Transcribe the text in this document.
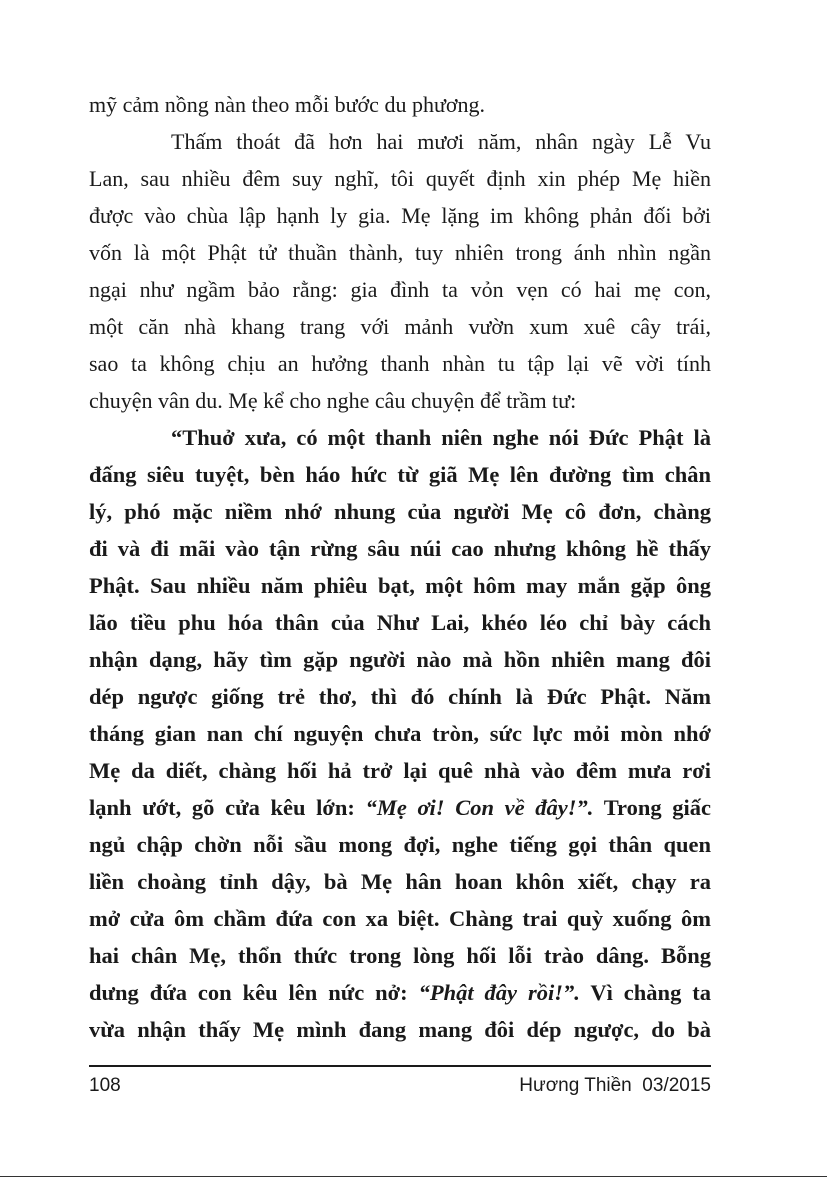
mỹ cảm nồng nàn theo mỗi bước du phương.
Thấm thoát đã hơn hai mươi năm, nhân ngày Lễ Vu
Lan, sau nhiều đêm suy nghĩ, tôi quyết định xin phép Mẹ hiền
được vào chùa lập hạnh ly gia. Mẹ lặng im không phản đối bởi
vốn là một Phật tử thuần thành, tuy nhiên trong ánh nhìn ngần
ngại như ngầm bảo rằng: gia đình ta vỏn vẹn có hai mẹ con,
một căn nhà khang trang với mảnh vườn xum xuê cây trái,
sao ta không chịu an hưởng thanh nhàn tu tập lại vẽ vời tính
chuyện vân du. Mẹ kể cho nghe câu chuyện để trầm tư:
“Thuở xưa, có một thanh niên nghe nói Đức Phật là
đấng siêu tuyệt, bèn háo hức từ giã Mẹ lên đường tìm chân
lý, phó mặc niềm nhớ nhung của người Mẹ cô đơn, chàng
đi và đi mãi vào tận rừng sâu núi cao nhưng không hề thấy
Phật. Sau nhiều năm phiêu bạt, một hôm may mắn gặp ông
lão tiều phu hóa thân của Như Lai, khéo léo chỉ bày cách
nhận dạng, hãy tìm gặp người nào mà hồn nhiên mang đôi
dép ngược giống trẻ thơ, thì đó chính là Đức Phật. Năm
tháng gian nan chí nguyện chưa tròn, sức lực mỏi mòn nhớ
Mẹ da diết, chàng hối hả trở lại quê nhà vào đêm mưa rơi
lạnh ướt, gõ cửa kêu lớn: “Mẹ ơi! Con về đây!”. Trong giấc
ngủ chập chờn nỗi sầu mong đợi, nghe tiếng gọi thân quen
liền choàng tỉnh dậy, bà Mẹ hân hoan khôn xiết, chạy ra
mở cửa ôm chầm đứa con xa biệt. Chàng trai quỳ xuống ôm
hai chân Mẹ, thổn thức trong lòng hối lỗi trào dâng. Bỗng
dưng đứa con kêu lên nức nở: “Phật đây rồi!”. Vì chàng ta
vừa nhận thấy Mẹ mình đang mang đôi dép ngược, do bà
108	Hương Thiền  03/2015
